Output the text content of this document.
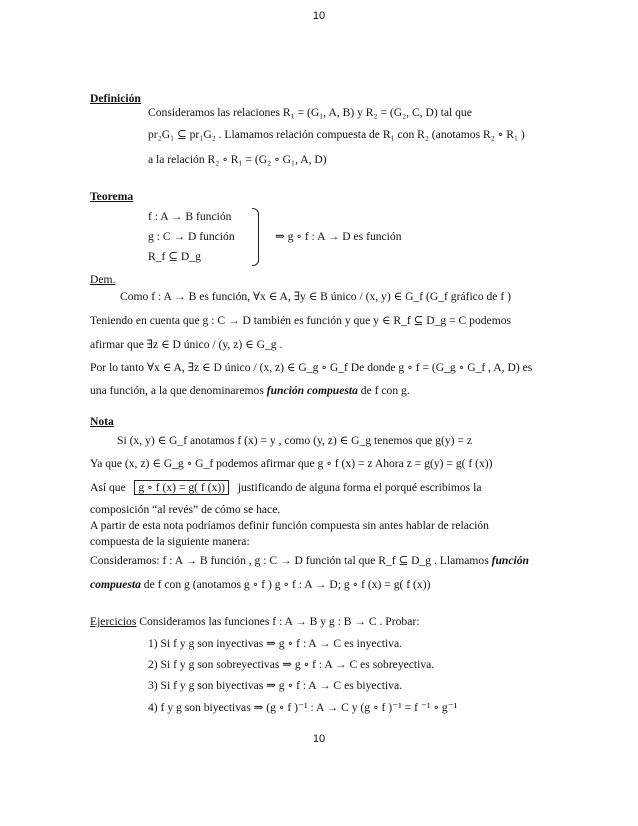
10
Definición
Consideramos las relaciones R₁ = (G₁, A, B) y R₂ = (G₂, C, D) tal que
pr₂G₁ ⊆ pr₁G₂ . Llamamos relación compuesta de R₁ con R₂ (anotamos R₂ ∘ R₁ )
a la relación R₂ ∘ R₁ = (G₂ ∘ G₁, A, D)
Teorema
f : A → B función
g : C → D función
R_f ⊆ D_g
⇒ g ∘ f : A → D es función
Dem.
Como f : A → B es función, ∀x ∈ A, ∃y ∈ B único / (x, y) ∈ G_f (G_f gráfico de f )
Teniendo en cuenta que g : C → D también es función y que y ∈ R_f ⊆ D_g = C podemos
afirmar que ∃z ∈ D único / (y, z) ∈ G_g .
Por lo tanto ∀x ∈ A, ∃z ∈ D único / (x, z) ∈ G_g ∘ G_f De donde g ∘ f = (G_g ∘ G_f , A, D) es
una función, a la que denominaremos función compuesta de f con g.
Nota
Si (x, y) ∈ G_f anotamos f (x) = y , como (y, z) ∈ G_g tenemos que g(y) = z
Ya que (x, z) ∈ G_g ∘ G_f podemos afirmar que g ∘ f (x) = z Ahora z = g(y) = g( f (x))
Así que g ∘ f (x) = g( f (x)) justificando de alguna forma el porqué escribimos la
composición “al revés” de cómo se hace.
A partir de esta nota podríamos definir función compuesta sin antes hablar de relación
compuesta de la siguiente manera:
Consideramos: f : A → B función , g : C → D función tal que R_f ⊆ D_g . Llamamos función
compuesta de f con g (anotamos g ∘ f ) g ∘ f : A → D; g ∘ f (x) = g( f (x))
Ejercicios Consideramos las funciones f : A → B y g : B → C . Probar:
1) Si f y g son inyectivas ⇒ g ∘ f : A → C es inyectiva.
2) Si f y g son sobreyectivas ⇒ g ∘ f : A → C es sobreyectiva.
3) Si f y g son biyectivas ⇒ g ∘ f : A → C es biyectiva.
4) f y g son biyectivas ⇒ (g ∘ f )⁻¹ : A → C y (g ∘ f )⁻¹ = f ⁻¹ ∘ g⁻¹
10
